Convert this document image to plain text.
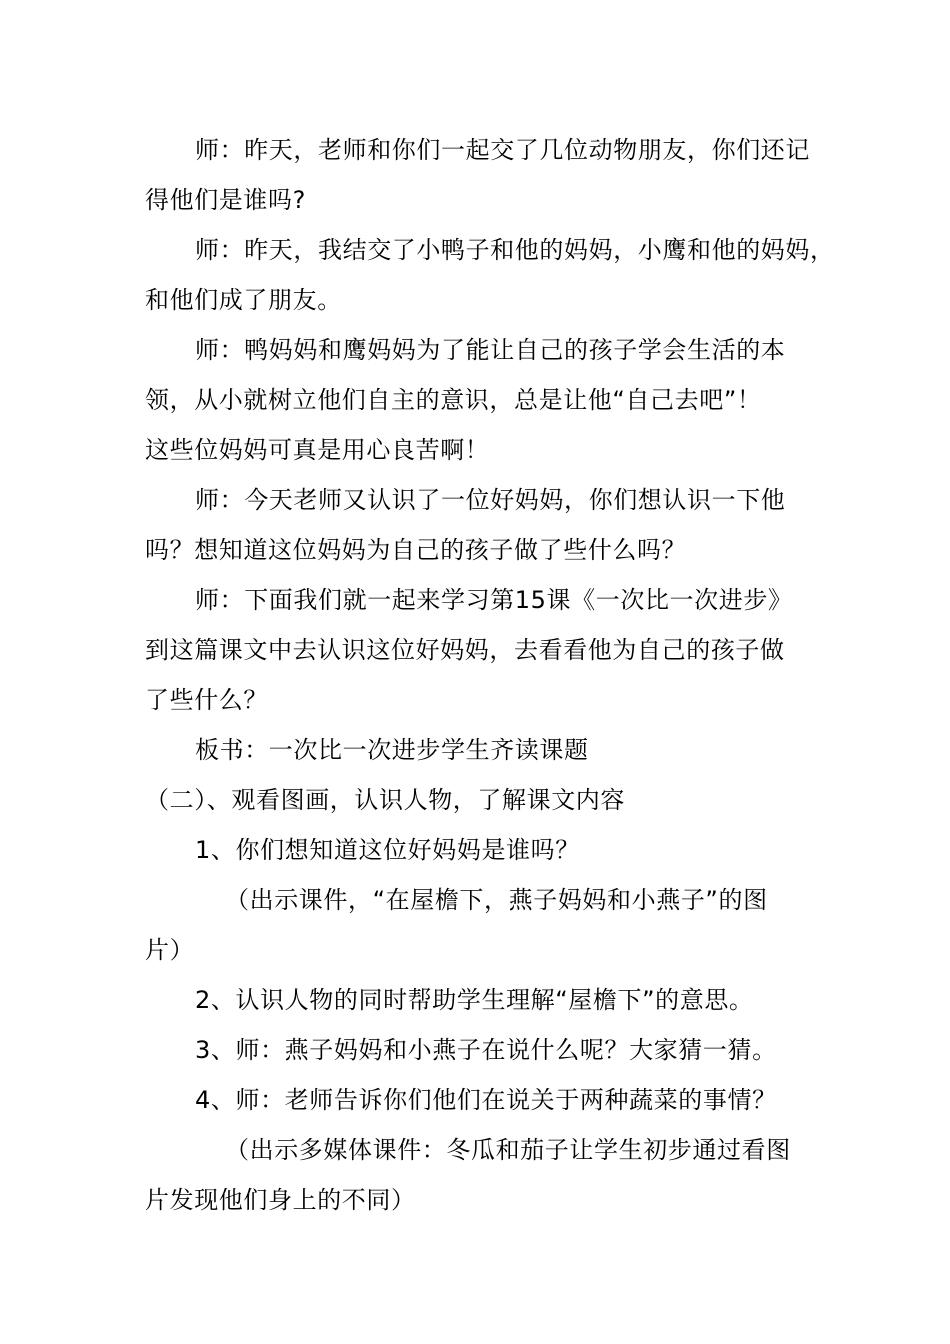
师：昨天，老师和你们一起交了几位动物朋友，你们还记
得他们是谁吗?
师：昨天，我结交了小鸭子和他的妈妈，小鹰和他的妈妈，
和他们成了朋友。
师：鸭妈妈和鹰妈妈为了能让自己的孩子学会生活的本
领，从小就树立他们自主的意识，总是让他“自己去吧”！
这些位妈妈可真是用心良苦啊！
师：今天老师又认识了一位好妈妈，你们想认识一下他
吗？想知道这位妈妈为自己的孩子做了些什么吗？
师：下面我们就一起来学习第15课《一次比一次进步》
到这篇课文中去认识这位好妈妈，去看看他为自己的孩子做
了些什么？
板书：一次比一次进步学生齐读课题
（二）、观看图画，认识人物，了解课文内容
1、你们想知道这位好妈妈是谁吗？
（出示课件，“在屋檐下，燕子妈妈和小燕子”的图
片）
2、认识人物的同时帮助学生理解“屋檐下”的意思。
3、师：燕子妈妈和小燕子在说什么呢？大家猜一猜。
4、师：老师告诉你们他们在说关于两种蔬菜的事情？
（出示多媒体课件：冬瓜和茄子让学生初步通过看图
片发现他们身上的不同）
